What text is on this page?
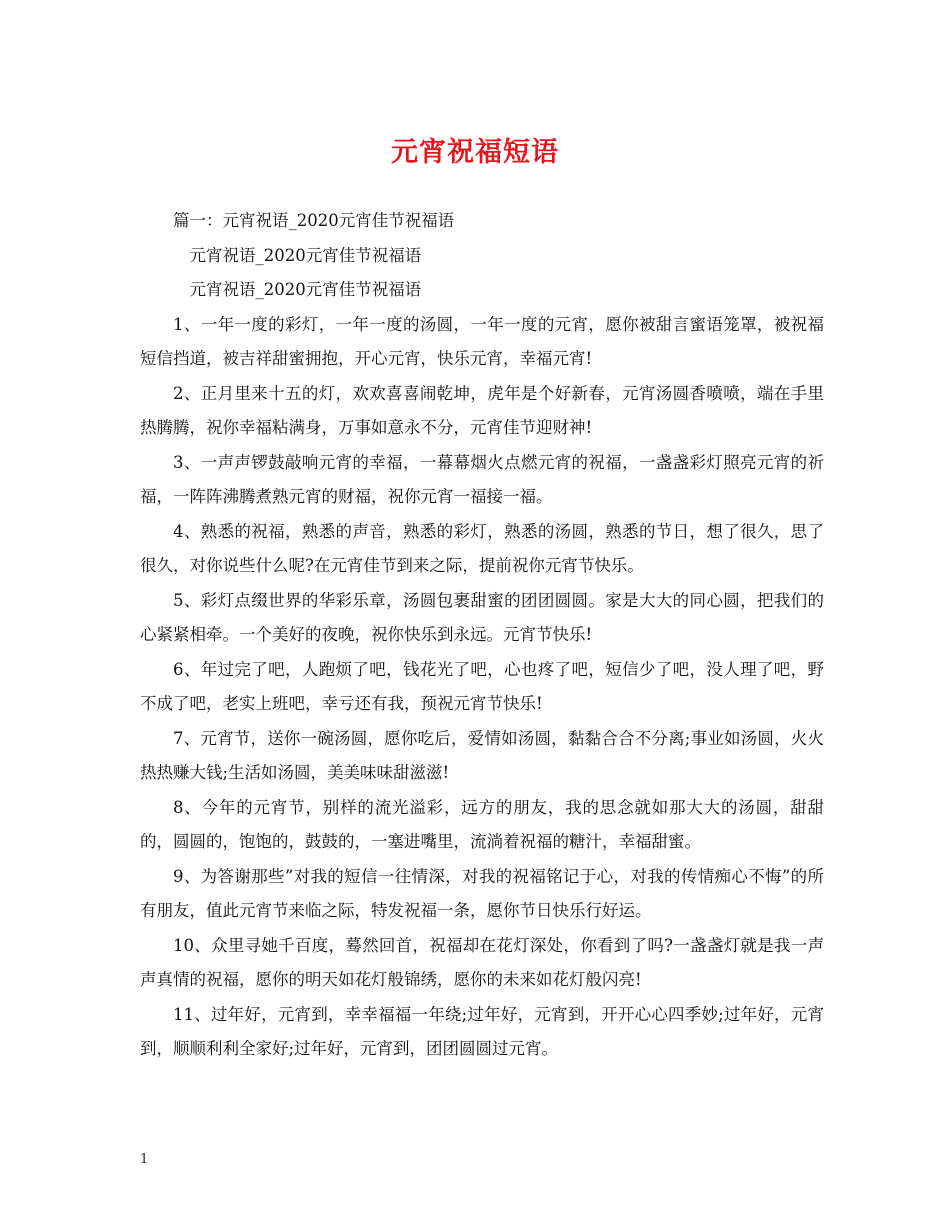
元宵祝福短语

篇一：元宵祝语_2020元宵佳节祝福语

元宵祝语_2020元宵佳节祝福语

元宵祝语_2020元宵佳节祝福语

1、一年一度的彩灯，一年一度的汤圆，一年一度的元宵，愿你被甜言蜜语笼罩，被祝福短信挡道，被吉祥甜蜜拥抱，开心元宵，快乐元宵，幸福元宵!

2、正月里来十五的灯，欢欢喜喜闹乾坤，虎年是个好新春，元宵汤圆香喷喷，端在手里热腾腾，祝你幸福粘满身，万事如意永不分，元宵佳节迎财神!

3、一声声锣鼓敲响元宵的幸福，一幕幕烟火点燃元宵的祝福，一盏盏彩灯照亮元宵的祈福，一阵阵沸腾煮熟元宵的财福，祝你元宵一福接一福。

4、熟悉的祝福，熟悉的声音，熟悉的彩灯，熟悉的汤圆，熟悉的节日，想了很久，思了很久，对你说些什么呢?在元宵佳节到来之际，提前祝你元宵节快乐。

5、彩灯点缀世界的华彩乐章，汤圆包裹甜蜜的团团圆圆。家是大大的同心圆，把我们的心紧紧相牵。一个美好的夜晚，祝你快乐到永远。元宵节快乐!

6、年过完了吧，人跑烦了吧，钱花光了吧，心也疼了吧，短信少了吧，没人理了吧，野不成了吧，老实上班吧，幸亏还有我，预祝元宵节快乐!

7、元宵节，送你一碗汤圆，愿你吃后，爱情如汤圆，黏黏合合不分离;事业如汤圆，火火热热赚大钱;生活如汤圆，美美味味甜滋滋!

8、今年的元宵节，别样的流光溢彩，远方的朋友，我的思念就如那大大的汤圆，甜甜的，圆圆的，饱饱的，鼓鼓的，一塞进嘴里，流淌着祝福的糖汁，幸福甜蜜。

9、为答谢那些”对我的短信一往情深，对我的祝福铭记于心，对我的传情痴心不悔”的所有朋友，值此元宵节来临之际，特发祝福一条，愿你节日快乐行好运。

10、众里寻她千百度，蓦然回首，祝福却在花灯深处，你看到了吗?一盏盏灯就是我一声声真情的祝福，愿你的明天如花灯般锦绣，愿你的未来如花灯般闪亮!

11、过年好，元宵到，幸幸福福一年绕;过年好，元宵到，开开心心四季妙;过年好，元宵到，顺顺利利全家好;过年好，元宵到，团团圆圆过元宵。

1
